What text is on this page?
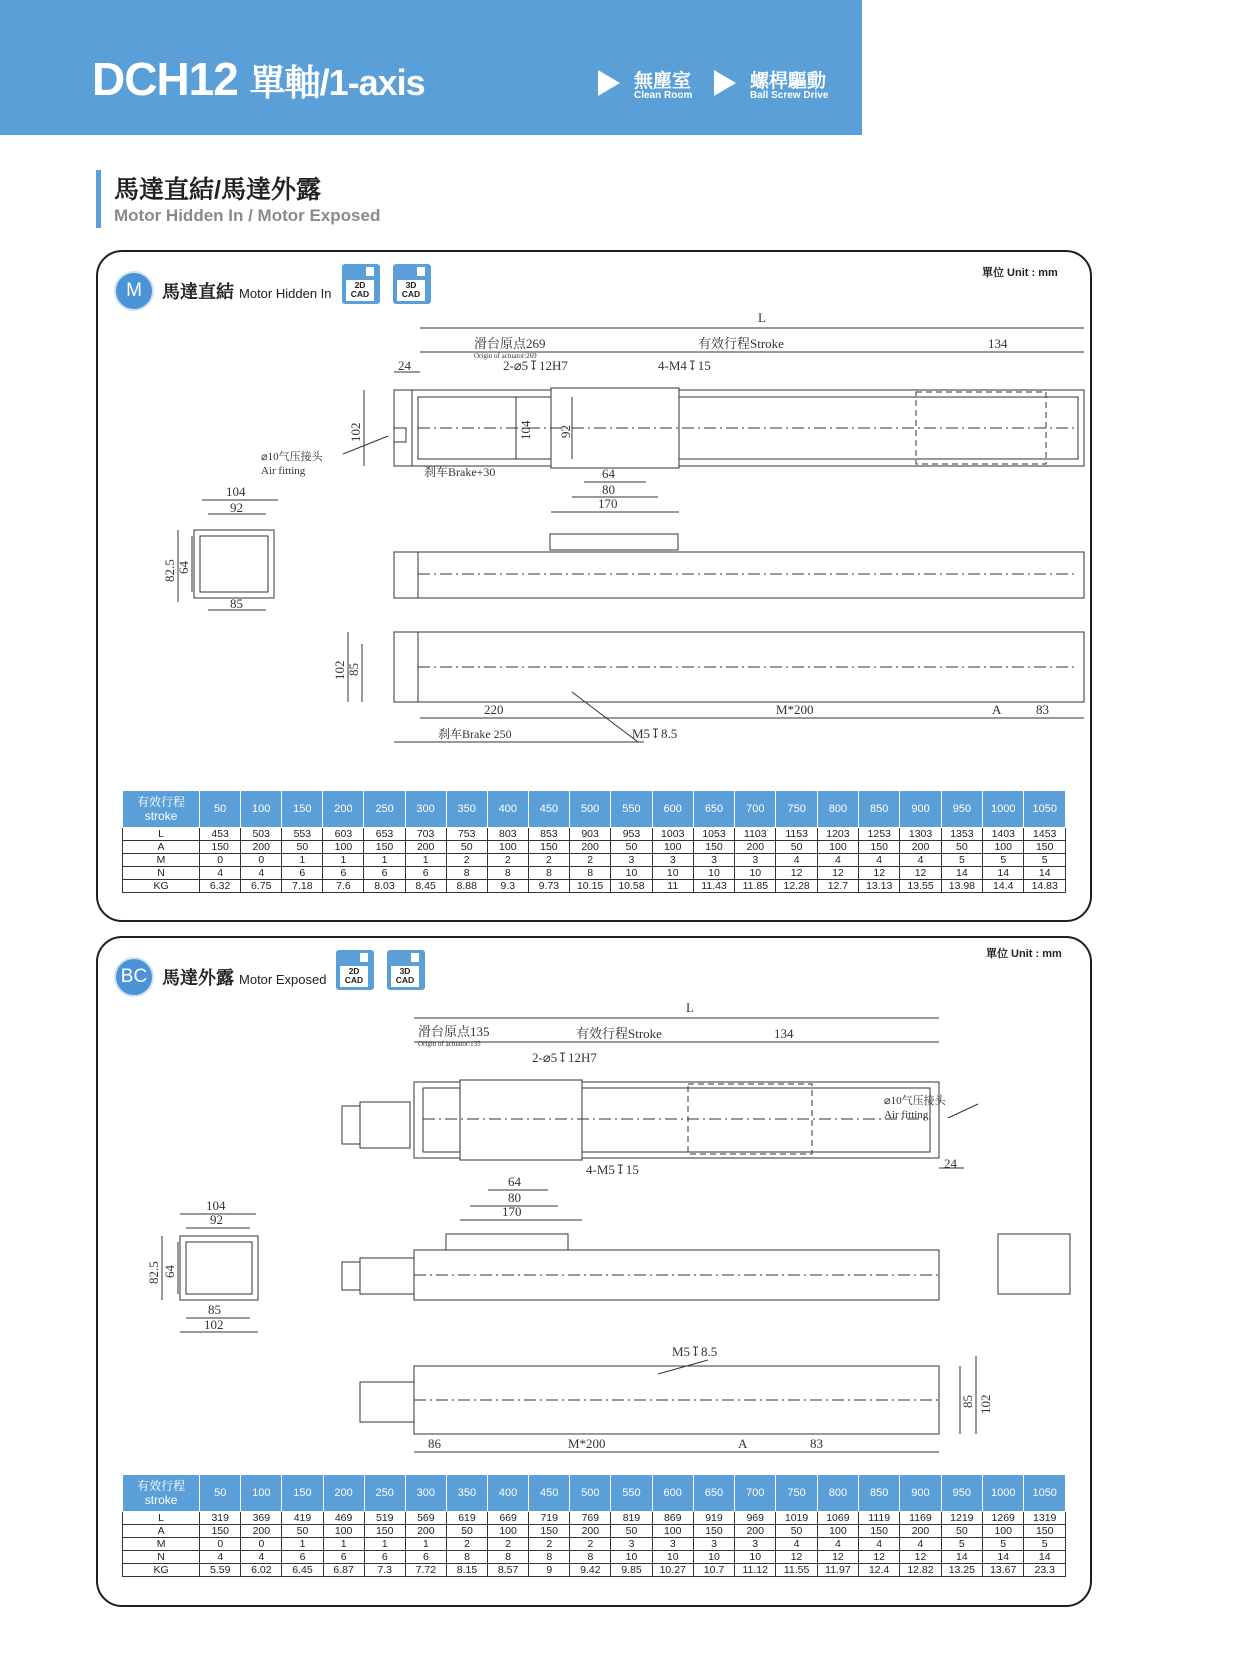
DCH12 單軸/1-axis	無塵室
Clean Room
螺桿驅動
Ball Screw Drive
馬達直結/馬達外露
Motor Hidden In / Motor Exposed
M	馬達直結 Motor Hidden In
2D CAD
3D CAD
單位 Unit : mm
L
滑台原点269
Origin of actuator:269
有效行程Stroke	134
24	2-⌀5↧12H7	4-M4↧15
102	104 92
⌀10气压接头
Air fitting	刹车Brake+30	64
80
170
104
92
82.5 64
85
102 85
220	M*200	A	83
刹车Brake 250	M5↧8.5
有效行程
stroke	50	100	150	200	250	300	350	400	450	500	550	600	650	700	750	800	850	900	950	1000	1050
L	453	503	553	603	653	703	753	803	853	903	953	1003	1053	1103	1153	1203	1253	1303	1353	1403	1453
A	150	200	50	100	150	200	50	100	150	200	50	100	150	200	50	100	150	200	50	100	150
M	0	0	1	1	1	1	2	2	2	2	3	3	3	3	4	4	4	4	5	5	5
N	4	4	6	6	6	6	8	8	8	8	10	10	10	10	12	12	12	12	14	14	14
KG	6.32	6.75	7.18	7.6	8.03	8.45	8.88	9.3	9.73	10.15	10.58	11	11.43	11.85	12.28	12.7	13.13	13.55	13.98	14.4	14.83
BC 馬達外露 Motor Exposed
2D CAD
3D CAD
單位 Unit : mm
L
滑台原点135
Origin of actuator:135
有效行程Stroke	134
2-⌀5↧12H7
⌀10气压接头
Air fitting
24
4-M5↧15
64
80
170
104
92
82.5 64
85
102
M5↧8.5
85 102
86	M*200	A	83
有效行程
stroke	50	100	150	200	250	300	350	400	450	500	550	600	650	700	750	800	850	900	950	1000	1050
L	319	369	419	469	519	569	619	669	719	769	819	869	919	969	1019	1069	1119	1169	1219	1269	1319
A	150	200	50	100	150	200	50	100	150	200	50	100	150	200	50	100	150	200	50	100	150
M	0	0	1	1	1	1	2	2	2	2	3	3	3	3	4	4	4	4	5	5	5
N	4	4	6	6	6	6	8	8	8	8	10	10	10	10	12	12	12	12	14	14	14
KG	5.59	6.02	6.45	6.87	7.3	7.72	8.15	8.57	9	9.42	9.85	10.27	10.7	11.12	11.55	11.97	12.4	12.82	13.25	13.67	23.3
